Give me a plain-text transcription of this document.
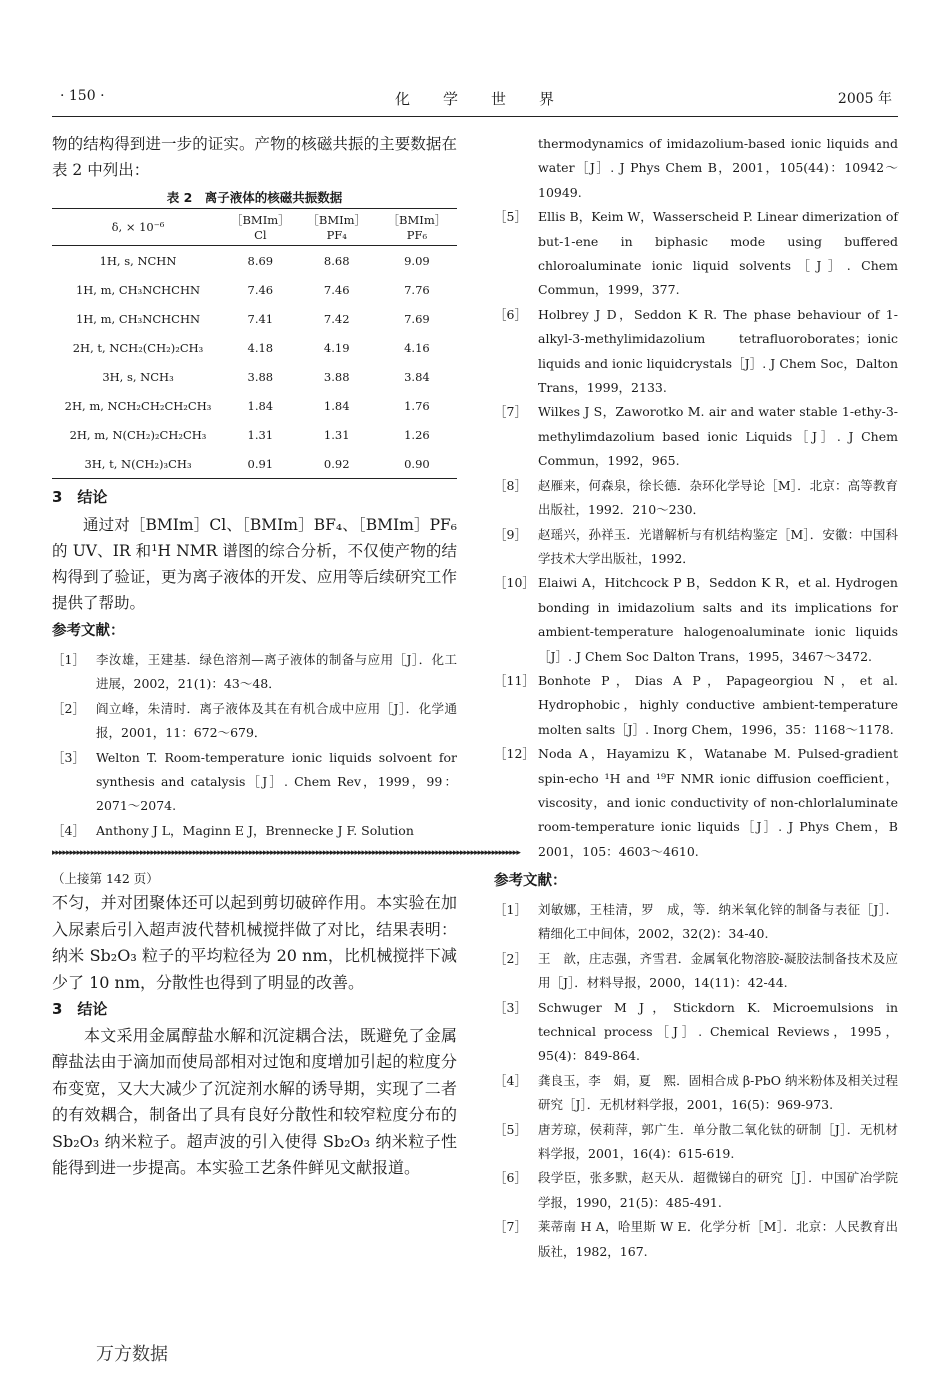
· 150 ·	化　　学　　世　　界	2005 年

物的结构得到进一步的证实。产物的核磁共振的主要数据在表 2 中列出：

表 2　离子液体的核磁共振数据
δ, × 10⁻⁶	［BMIm］Cl	［BMIm］PF₄	［BMIm］PF₆
1H, s, NCHN	8.69	8.68	9.09
1H, m, CH₃NCHCHN	7.46	7.46	7.76
1H, m, CH₃NCHCHN	7.41	7.42	7.69
2H, t, NCH₂(CH₂)₂CH₃	4.18	4.19	4.16
3H, s, NCH₃	3.88	3.88	3.84
2H, m, NCH₂CH₂CH₂CH₃	1.84	1.84	1.76
2H, m, N(CH₂)₂CH₂CH₃	1.31	1.31	1.26
3H, t, N(CH₂)₃CH₃	0.91	0.92	0.90

3　结论

通过对［BMIm］Cl、［BMIm］BF₄、［BMIm］PF₆ 的 UV、IR 和¹H NMR 谱图的综合分析，不仅使产物的结构得到了验证，更为离子液体的开发、应用等后续研究工作提供了帮助。

参考文献：

［1］ 李汝雄，王建基．绿色溶剂—离子液体的制备与应用［J］．化工进展，2002，21(1)：43～48．
［2］ 阎立峰，朱清时．离子液体及其在有机合成中应用［J］．化学通报，2001，11：672～679．
［3］ Welton T. Room-temperature ionic liquids solvoent for synthesis and catalysis［J］. Chem Rev，1999，99：2071～2074.
［4］ Anthony J L，Maginn E J，Brennecke J F. Solution
thermodynamics of imidazolium-based ionic liquids and water［J］. J Phys Chem B，2001，105(44)：10942～10949.
［5］ Ellis B，Keim W，Wasserscheid P. Linear dimerization of but-1-ene in biphasic mode using buffered chloroaluminate ionic liquid solvents［J］. Chem Commun，1999，377.
［6］ Holbrey J D，Seddon K R. The phase behaviour of 1-alkyl-3-methylimidazolium tetrafluoroborates；ionic liquids and ionic liquidcrystals［J］. J Chem Soc，Dalton Trans，1999，2133.
［7］ Wilkes J S，Zaworotko M. air and water stable 1-ethy-3-methylimdazolium based ionic Liquids［J］. J Chem Commun，1992，965.
［8］ 赵雁来，何森泉，徐长德．杂环化学导论［M］．北京：高等教育出版社，1992．210～230．
［9］ 赵瑶兴，孙祥玉．光谱解析与有机结构鉴定［M］．安徽：中国科学技术大学出版社，1992．
［10］ Elaiwi A，Hitchcock P B，Seddon K R，et al. Hydrogen bonding in imidazolium salts and its implications for ambient-temperature halogenoaluminate ionic liquids［J］. J Chem Soc Dalton Trans，1995，3467～3472.
［11］ Bonhote P，Dias A P，Papageorgiou N，et al. Hydrophobic，highly conductive ambient-temperature molten salts［J］. Inorg Chem，1996，35：1168～1178.
［12］ Noda A，Hayamizu K，Watanabe M. Pulsed-gradient spin-echo ¹H and ¹⁹F NMR ionic diffusion coefficient，viscosity，and ionic conductivity of non-chlorlaluminate room-temperature ionic liquids［J］. J Phys Chem，B 2001，105：4603～4610.
▸▸▸▸▸▸▸▸▸▸▸▸▸▸▸▸▸▸▸▸▸▸▸▸▸▸▸▸▸▸▸▸▸▸▸▸▸▸▸▸▸▸▸▸▸▸▸▸▸▸▸▸▸▸▸▸▸▸▸▸▸▸▸▸▸▸▸▸▸▸▸▸▸▸▸▸▸▸▸▸▸▸▸▸▸▸▸▸▸▸▸▸▸▸▸▸▸▸▸▸▸▸▸▸▸▸▸▸▸▸▸▸▸▸▸▸▸▸▸▸▸▸▸▸▸▸▸▸▸▸▸▸▸

（上接第 142 页）

不匀，并对团聚体还可以起到剪切破碎作用。本实验在加入尿素后引入超声波代替机械搅拌做了对比，结果表明：纳米 Sb₂O₃ 粒子的平均粒径为 20 nm，比机械搅拌下减少了 10 nm，分散性也得到了明显的改善。

3　结论

本文采用金属醇盐水解和沉淀耦合法，既避免了金属醇盐法由于滴加而使局部相对过饱和度增加引起的粒度分布变宽，又大大减少了沉淀剂水解的诱导期，实现了二者的有效耦合，制备出了具有良好分散性和较窄粒度分布的 Sb₂O₃ 纳米粒子。超声波的引入使得 Sb₂O₃ 纳米粒子性能得到进一步提高。本实验工艺条件鲜见文献报道。

参考文献：

［1］ 刘敏娜，王桂清，罗　成，等．纳米氧化锌的制备与表征［J］．精细化工中间体，2002，32(2)：34-40.
［2］ 王　歆，庄志强，齐雪君．金属氧化物溶胶-凝胶法制备技术及应用［J］．材料导报，2000，14(11)：42-44.
［3］ Schwuger M J，Stickdorn K. Microemulsions in technical process［J］. Chemical Reviews，1995，95(4)：849-864.
［4］ 龚良玉，李　娟，夏　熙．固相合成 β-PbO 纳米粉体及相关过程研究［J］．无机材料学报，2001，16(5)：969-973.
［5］ 唐芳琼，侯莉萍，郭广生．单分散二氧化钛的研制［J］．无机材料学报，2001，16(4)：615-619.
［6］ 段学臣，张多默，赵天从．超微锑白的研究［J］．中国矿冶学院学报，1990，21(5)：485-491.
［7］ 莱蒂南 H A，哈里斯 W E．化学分析［M］．北京：人民教育出版社，1982，167.
万方数据
